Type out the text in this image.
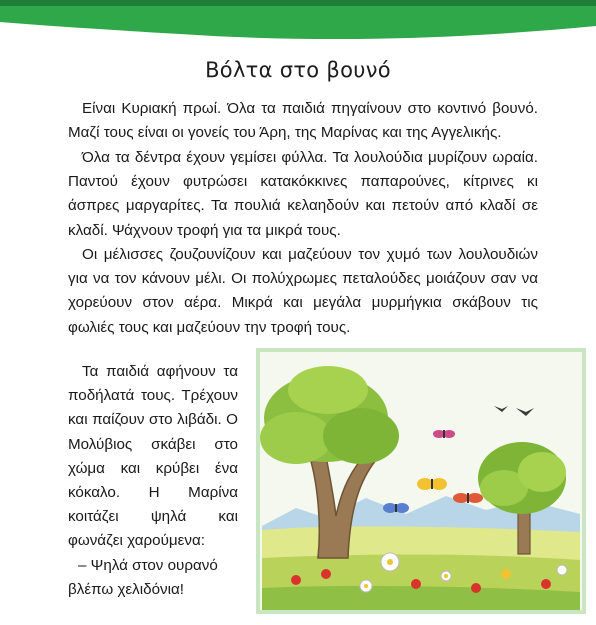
Βόλτα στο βουνό

Είναι Κυριακή πρωί. Όλα τα παιδιά πηγαίνουν στο κοντινό βουνό. Μαζί τους είναι οι γονείς του Άρη, της Μαρίνας και της Αγγελικής.

Όλα τα δέντρα έχουν γεμίσει φύλλα. Τα λουλούδια μυρίζουν ωραία. Παντού έχουν φυτρώσει κατακόκκινες παπαρούνες, κίτρινες κι άσπρες μαργαρίτες. Τα πουλιά κελαηδούν και πετούν από κλαδί σε κλαδί. Ψάχνουν τροφή για τα μικρά τους.

Οι μέλισσες ζουζουνίζουν και μαζεύουν τον χυμό των λουλουδιών για να τον κάνουν μέλι. Οι πολύχρωμες πεταλούδες μοιάζουν σαν να χορεύουν στον αέρα. Μικρά και μεγάλα μυρμήγκια σκάβουν τις φωλιές τους και μαζεύουν την τροφή τους.

Τα παιδιά αφήνουν τα ποδήλατά τους. Τρέχουν και παίζουν στο λιβάδι. Ο Μολύβιος σκάβει στο χώμα και κρύβει ένα κόκαλο. Η Μαρίνα κοιτάζει ψηλά και φωνάζει χαρούμενα:

– Ψηλά στον ουρανό

βλέπω χελιδόνια!
